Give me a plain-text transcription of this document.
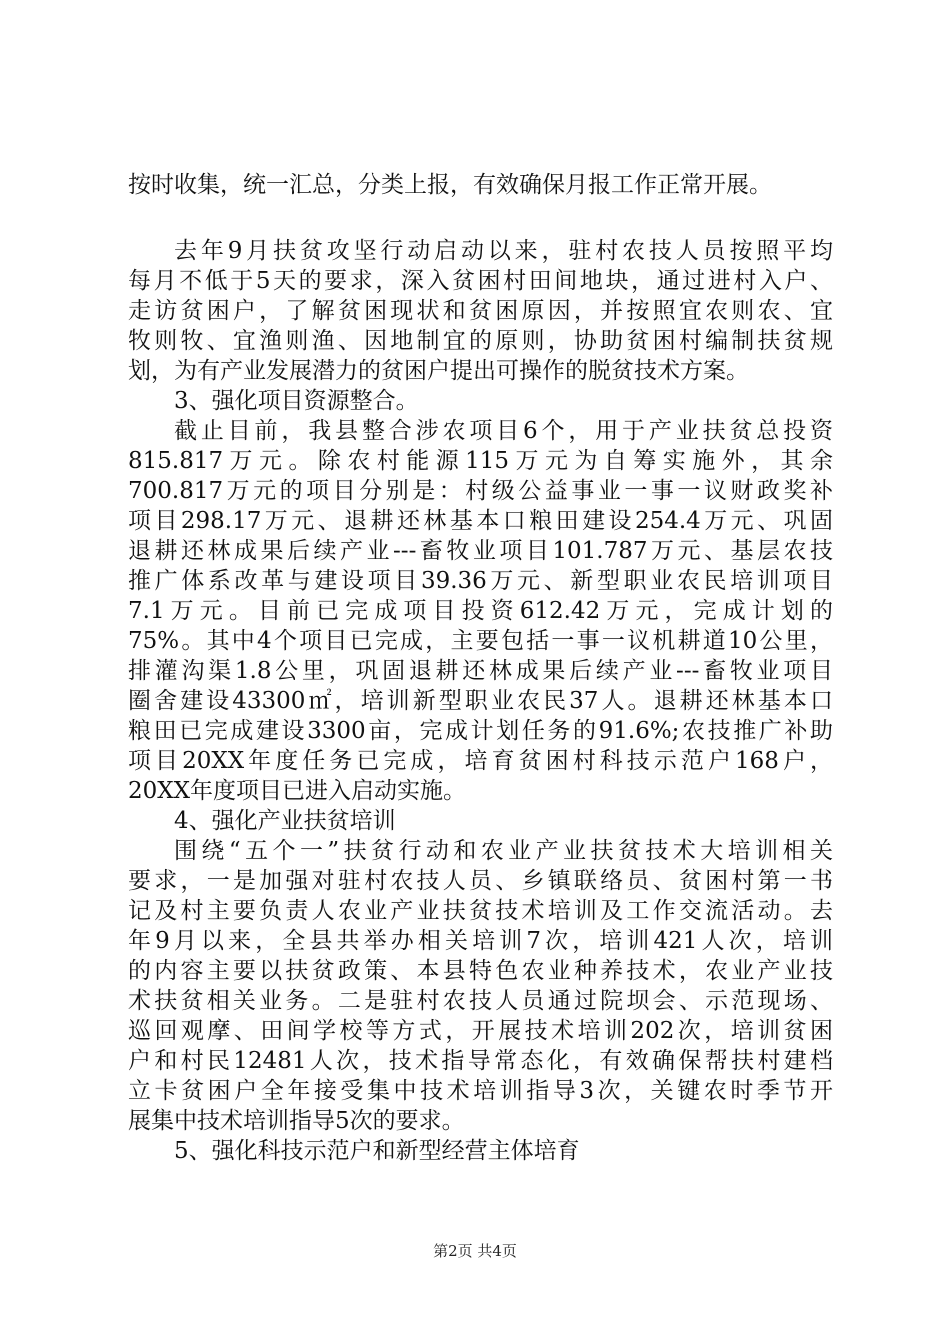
按时收集，统一汇总，分类上报，有效确保月报工作正常开展。
去年9月扶贫攻坚行动启动以来，驻村农技人员按照平均
每月不低于5天的要求，深入贫困村田间地块，通过进村入户、
走访贫困户，了解贫困现状和贫困原因，并按照宜农则农、宜
牧则牧、宜渔则渔、因地制宜的原则，协助贫困村编制扶贫规
划，为有产业发展潜力的贫困户提出可操作的脱贫技术方案。
3、强化项目资源整合。
截止目前，我县整合涉农项目6个，用于产业扶贫总投资
815.817万元。除农村能源115万元为自筹实施外，其余
700.817万元的项目分别是：村级公益事业一事一议财政奖补
项目298.17万元、退耕还林基本口粮田建设254.4万元、巩固
退耕还林成果后续产业---畜牧业项目101.787万元、基层农技
推广体系改革与建设项目39.36万元、新型职业农民培训项目
7.1万元。目前已完成项目投资612.42万元，完成计划的
75%。其中4个项目已完成，主要包括一事一议机耕道10公里，
排灌沟渠1.8公里，巩固退耕还林成果后续产业---畜牧业项目
圈舍建设43300㎡，培训新型职业农民37人。退耕还林基本口
粮田已完成建设3300亩，完成计划任务的91.6%;农技推广补助
项目20XX年度任务已完成，培育贫困村科技示范户168户，
20XX年度项目已进入启动实施。
4、强化产业扶贫培训
围绕“五个一”扶贫行动和农业产业扶贫技术大培训相关
要求，一是加强对驻村农技人员、乡镇联络员、贫困村第一书
记及村主要负责人农业产业扶贫技术培训及工作交流活动。去
年9月以来，全县共举办相关培训7次，培训421人次，培训
的内容主要以扶贫政策、本县特色农业种养技术，农业产业技
术扶贫相关业务。二是驻村农技人员通过院坝会、示范现场、
巡回观摩、田间学校等方式，开展技术培训202次，培训贫困
户和村民12481人次，技术指导常态化，有效确保帮扶村建档
立卡贫困户全年接受集中技术培训指导3次，关键农时季节开
展集中技术培训指导5次的要求。
5、强化科技示范户和新型经营主体培育
第2页 共4页
